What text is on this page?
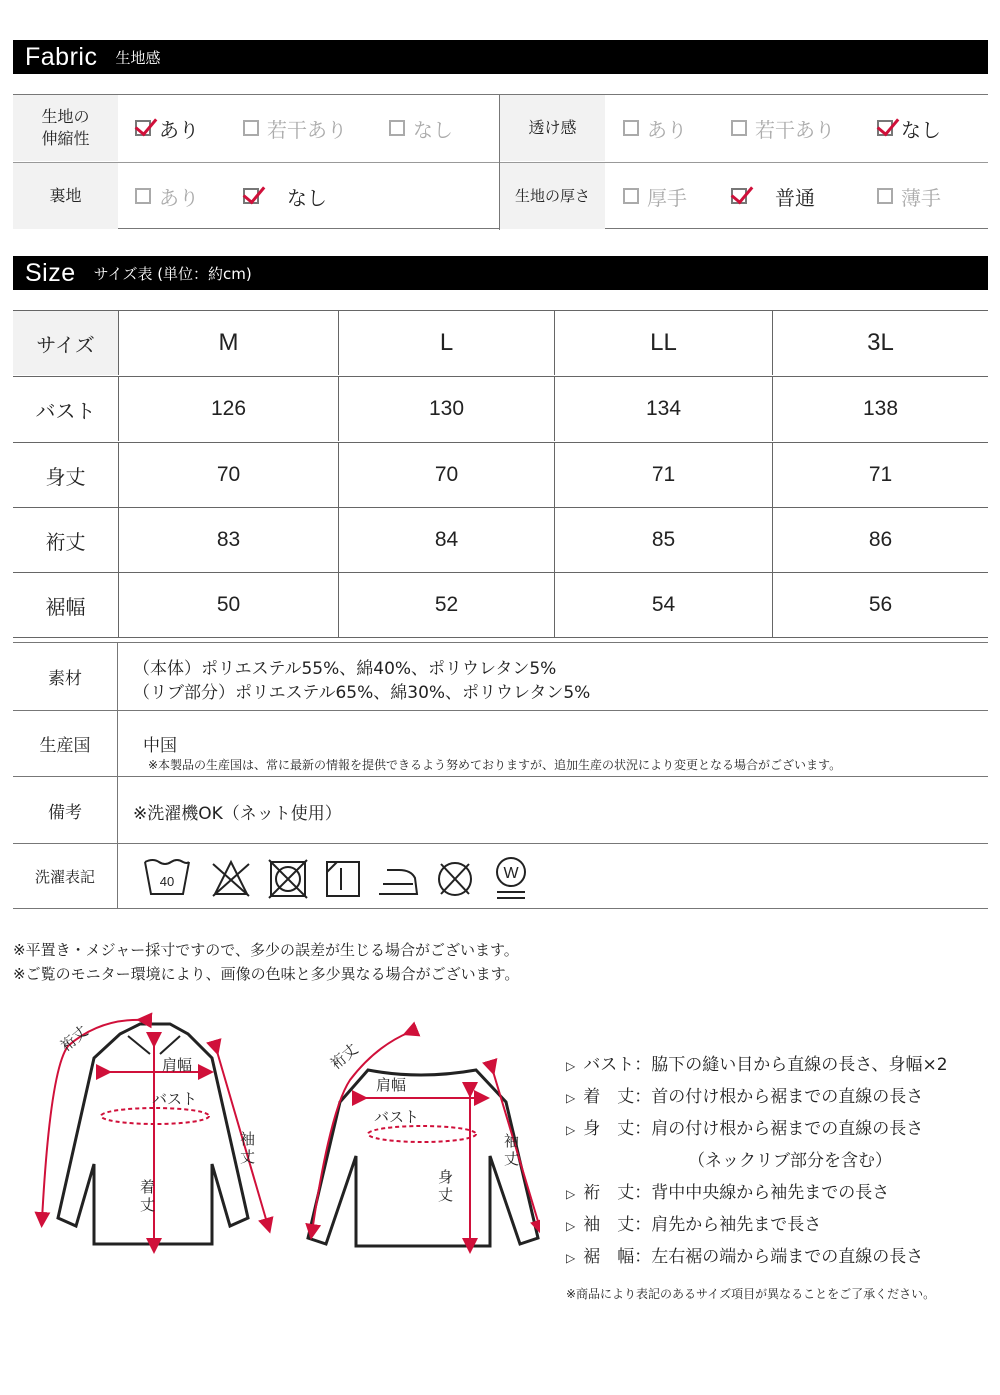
Fabric 生地感
生地の
伸縮性	あり	若干あり	なし	透け感	あり	若干あり	なし
裏地	あり	なし	生地の厚さ	厚手	普通	薄手
Size サイズ表 (単位：約cm)
サイズ	M	L	LL	3L
バスト	126	130	134	138
身丈	70	70	71	71
裄丈	83	84	85	86
裾幅	50	52	54	56
素材	（本体）ポリエステル55%、綿40%、ポリウレタン5%
（リブ部分）ポリエステル65%、綿30%、ポリウレタン5%
生産国	中国
※本製品の生産国は、常に最新の情報を提供できるよう努めておりますが、追加生産の状況により変更となる場合がございます。
備考	※洗濯機OK（ネット使用）
洗濯表記	40	W
※平置き・メジャー採寸ですので、多少の誤差が生じる場合がございます。
※ご覧のモニター環境により、画像の色味と多少異なる場合がございます。
裄丈
肩幅
バスト
着
丈
袖
丈
裄丈
肩幅
バスト
身
丈
袖
丈
▷ バスト：脇下の縫い目から直線の長さ、身幅×2
▷ 着　丈：首の付け根から裾までの直線の長さ
▷ 身　丈：肩の付け根から裾までの直線の長さ
（ネックリブ部分を含む）
▷ 裄　丈：背中中央線から袖先までの長さ
▷ 袖　丈：肩先から袖先まで長さ
▷ 裾　幅：左右裾の端から端までの直線の長さ
※商品により表記のあるサイズ項目が異なることをご了承ください。
